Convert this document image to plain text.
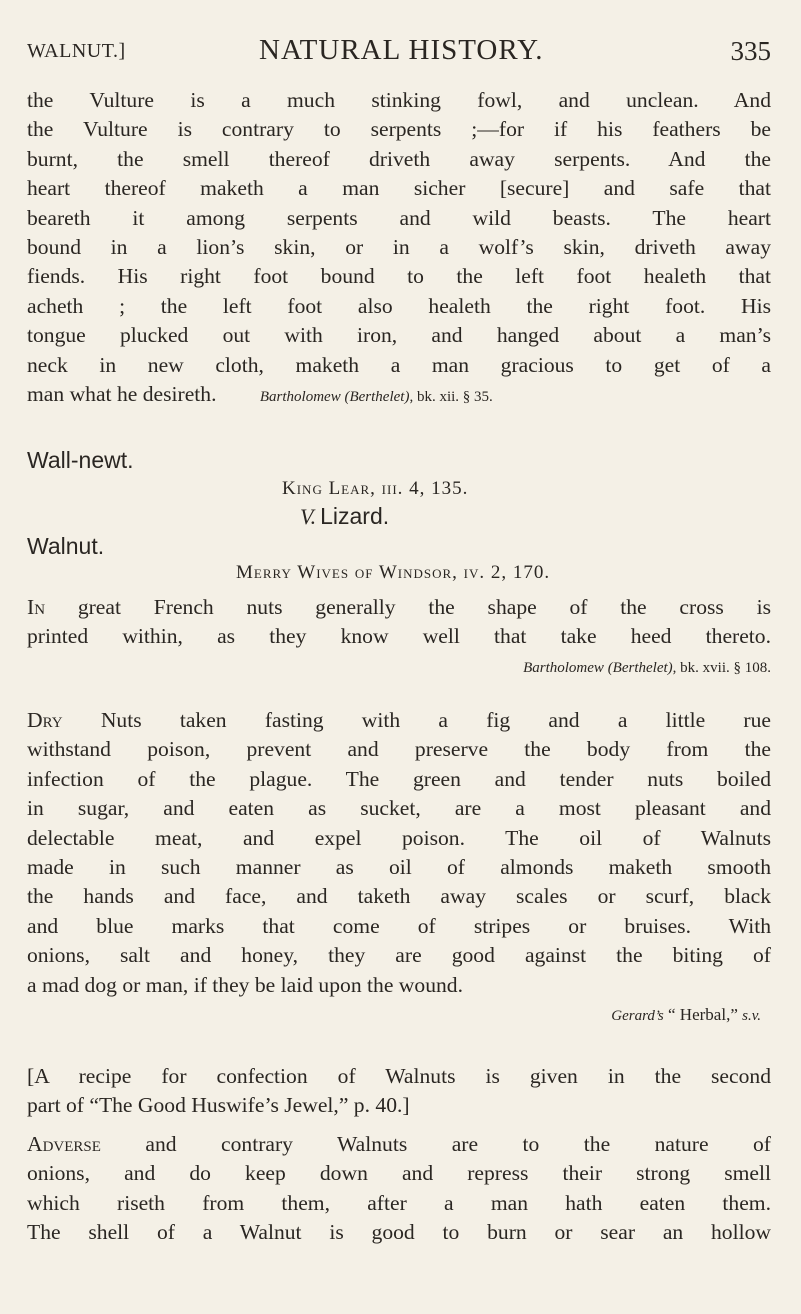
WALNUT.]	NATURAL HISTORY.	335
the Vulture is a much stinking fowl, and unclean. And
the Vulture is contrary to serpents ;—for if his feathers be
burnt, the smell thereof driveth away serpents. And the
heart thereof maketh a man sicher [secure] and safe that
beareth it among serpents and wild beasts. The heart
bound in a lion’s skin, or in a wolf’s skin, driveth away
fiends. His right foot bound to the left foot healeth that
acheth ; the left foot also healeth the right foot. His
tongue plucked out with iron, and hanged about a man’s
neck in new cloth, maketh a man gracious to get of a
man what he desireth.	Bartholomew (Berthelet), bk. xii. § 35.
Wall-newt.
King Lear, iii. 4, 135.
V. Lizard.
Walnut.
Merry Wives of Windsor, iv. 2, 170.
In great French nuts generally the shape of the cross is
printed within, as they know well that take heed thereto.
Bartholomew (Berthelet), bk. xvii. § 108.
Dry Nuts taken fasting with a fig and a little rue
withstand poison, prevent and preserve the body from the
infection of the plague. The green and tender nuts boiled
in sugar, and eaten as sucket, are a most pleasant and
delectable meat, and expel poison. The oil of Walnuts
made in such manner as oil of almonds maketh smooth
the hands and face, and taketh away scales or scurf, black
and blue marks that come of stripes or bruises. With
onions, salt and honey, they are good against the biting of
a mad dog or man, if they be laid upon the wound.
Gerard’s “ Herbal,” s.v.
[A recipe for confection of Walnuts is given in the second
part of “The Good Huswife’s Jewel,” p. 40.]
Adverse and contrary Walnuts are to the nature of
onions, and do keep down and repress their strong smell
which riseth from them, after a man hath eaten them.
The shell of a Walnut is good to burn or sear an hollow
